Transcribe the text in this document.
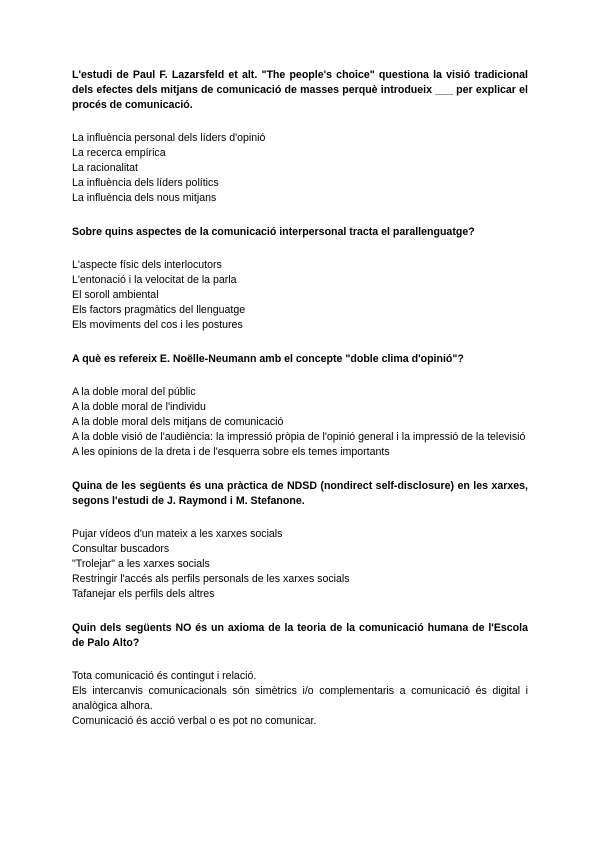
L'estudi de Paul F. Lazarsfeld et alt. "The people's choice" questiona la visió tradicional dels efectes dels mitjans de comunicació de masses perquè introdueix ___ per explicar el procés de comunicació.

La influència personal dels líders d'opinió
La recerca empírica
La racionalitat
La influència dels líders polítics
La influència dels nous mitjans

Sobre quins aspectes de la comunicació interpersonal tracta el parallenguatge?

L'aspecte físic dels interlocutors
L'entonació i la velocitat de la parla
El soroll ambiental
Els factors pragmàtics del llenguatge
Els moviments del cos i les postures

A què es refereix E. Noëlle-Neumann amb el concepte "doble clima d'opinió"?

A la doble moral del públic
A la doble moral de l'individu
A la doble moral dels mitjans de comunicació
A la doble visió de l'audiència: la impressió pròpia de l'opinió general i la impressió de la televisió
A les opinions de la dreta i de l'esquerra sobre els temes importants

Quina de les següents és una pràctica de NDSD (nondirect self-disclosure) en les xarxes, segons l'estudi de J. Raymond i M. Stefanone.

Pujar vídeos d'un mateix a les xarxes socials
Consultar buscadors
"Trolejar" a les xarxes socials
Restringir l'accés als perfils personals de les xarxes socials
Tafanejar els perfils dels altres

Quin dels següents NO és un axioma de la teoria de la comunicació humana de l'Escola de Palo Alto?

Tota comunicació és contingut i relació.
Els intercanvis comunicacionals són simètrics i/o complementaris a comunicació és digital i analògica alhora.
Comunicació és acció verbal o es pot no comunicar.
